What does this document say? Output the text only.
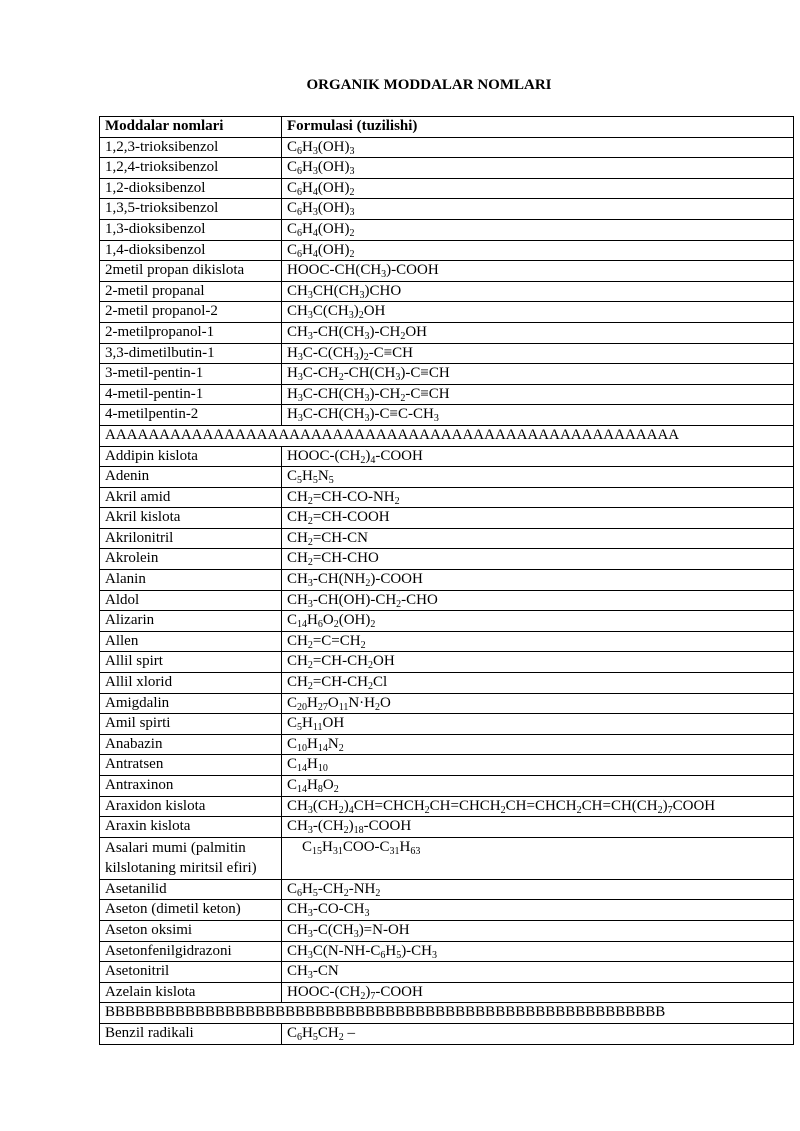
ORGANIK MODDALAR NOMLARI
Moddalar nomlari	Formulasi (tuzilishi)
1,2,3-trioksibenzol	$C_6H_3(OH)_3$
1,2,4-trioksibenzol	$C_6H_3(OH)_3$
1,2-dioksibenzol	$C_6H_4(OH)_2$
1,3,5-trioksibenzol	$C_6H_3(OH)_3$
1,3-dioksibenzol	$C_6H_4(OH)_2$
1,4-dioksibenzol	$C_6H_4(OH)_2$
2metil propan dikislota	HOOC-$CH(CH_3)$-COOH
2-metil propanal	$CH_3CH(CH_3)CHO$
2-metil propanol-2	$CH_3C(CH_3)_2OH$
2-metilpropanol-1	$CH_3-CH(CH_3)-CH_2OH$
3,3-dimetilbutin-1	$H_3C-C(CH_3)_2-C\equiv CH$
3-metil-pentin-1	$H_3C-CH_2-CH(CH_3)-C\equiv CH$
4-metil-pentin-1	$H_3C-CH(CH_3)-CH_2-C\equiv CH$
4-metilpentin-2	$H_3C-CH(CH_3)-C\equiv C-CH_3$
AAAAAAAAAAAAAAAAAAAAAAAAAAAAAAAAAAAAAAAAAAAAAAAAAAAAA	
Addipin kislota	HOOC-$(CH_2)_4$-COOH
Adenin	$C_5H_5N_5$
Akril amid	$CH_2=CH-CO-NH_2$
Akril kislota	$CH_2=CH$-COOH
Akrilonitril	$CH_2=CH-CN$
Akrolein	$CH_2=CH$-CHO
Alanin	$CH_3-CH(NH_2)$-COOH
Aldol	$CH_3-CH(OH)-CH_2$-CHO
Alizarin	$C_{14}H_6O_2(OH)_2$
Allen	$CH_2=C=CH_2$
Allil spirt	$CH_2=CH-CH_2OH$
Allil xlorid	$CH_2=CH-CH_2Cl$
Amigdalin	$C_{20}H_{27}O_{11}N\cdot H_2O$
Amil spirti	$C_5H_{11}OH$
Anabazin	$C_{10}H_{14}N_2$
Antratsen	$C_{14}H_{10}$
Antraxinon	$C_{14}H_8O_2$
Araxidon kislota	$CH_3(CH_2)_4CH=CHCH_2CH=CHCH_2CH=CHCH_2CH=CH(CH_2)_7COOH$
Araxin kislota	$CH_3-(CH_2)_{18}$-COOH
Asalari mumi (palmitin kilslotaning miritsil efiri)	$C_{15}H_{31}COO-C_{31}H_{63}$
Asetanilid	$C_6H_5-CH_2-NH_2$
Aseton (dimetil keton)	$CH_3-CO-CH_3$
Aseton oksimi	$CH_3-C(CH_3)=N-OH$
Asetonfenilgidrazoni	$CH_3C(N-NH-C_6H_5)-CH_3$
Asetonitril	$CH_3-CN$
Azelain kislota	HOOC-$(CH_2)_7$-COOH
BBBBBBBBBBBBBBBBBBBBBBBBBBBBBBBBBBBBBBBBBBBBBBBBBBBBBBBB	
Benzil radikali	$C_6H_5CH_2$ –
